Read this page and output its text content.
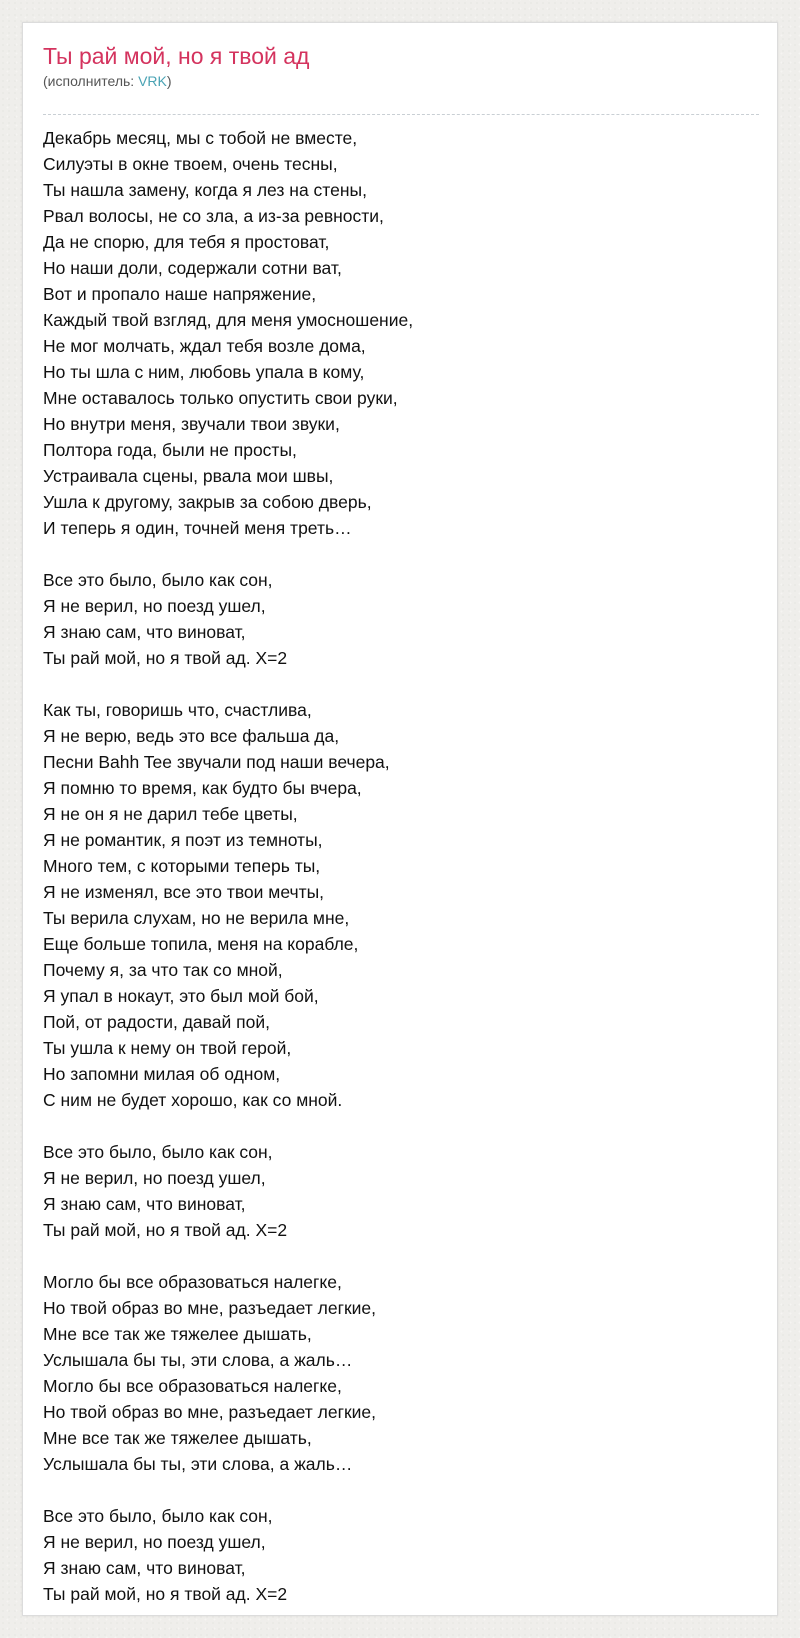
Ты рай мой, но я твой ад
(исполнитель: VRK)
Декабрь месяц, мы с тобой не вместе,
Силуэты в окне твоем, очень тесны,
Ты нашла замену, когда я лез на стены,
Рвал волосы, не со зла, а из-за ревности,
Да не спорю, для тебя я простоват,
Но наши доли, содержали сотни ват,
Вот и пропало наше напряжение,
Каждый твой взгляд, для меня умосношение,
Не мог молчать, ждал тебя возле дома,
Но ты шла с ним, любовь упала в кому,
Мне оставалось только опустить свои руки,
Но внутри меня, звучали твои звуки,
Полтора года, были не просты,
Устраивала сцены, рвала мои швы,
Ушла к другому, закрыв за собою дверь,
И теперь я один, точней меня треть…
Все это было, было как сон,
Я не верил, но поезд ушел,
Я знаю сам, что виноват,
Ты рай мой, но я твой ад. Х=2
Как ты, говоришь что, счастлива,
Я не верю, ведь это все фальша да,
Песни Bahh Tee звучали под наши вечера,
Я помню то время, как будто бы вчера,
Я не он я не дарил тебе цветы,
Я не романтик, я поэт из темноты,
Много тем, с которыми теперь ты,
Я не изменял, все это твои мечты,
Ты верила слухам, но не верила мне,
Еще больше топила, меня на корабле,
Почему я, за что так со мной,
Я упал в нокаут, это был мой бой,
Пой, от радости, давай пой,
Ты ушла к нему он твой герой,
Но запомни милая об одном,
С ним не будет хорошо, как со мной.
Все это было, было как сон,
Я не верил, но поезд ушел,
Я знаю сам, что виноват,
Ты рай мой, но я твой ад. Х=2
Могло бы все образоваться налегке,
Но твой образ во мне, разъедает легкие,
Мне все так же тяжелее дышать,
Услышала бы ты, эти слова, а жаль…
Могло бы все образоваться налегке,
Но твой образ во мне, разъедает легкие,
Мне все так же тяжелее дышать,
Услышала бы ты, эти слова, а жаль…
Все это было, было как сон,
Я не верил, но поезд ушел,
Я знаю сам, что виноват,
Ты рай мой, но я твой ад. Х=2
